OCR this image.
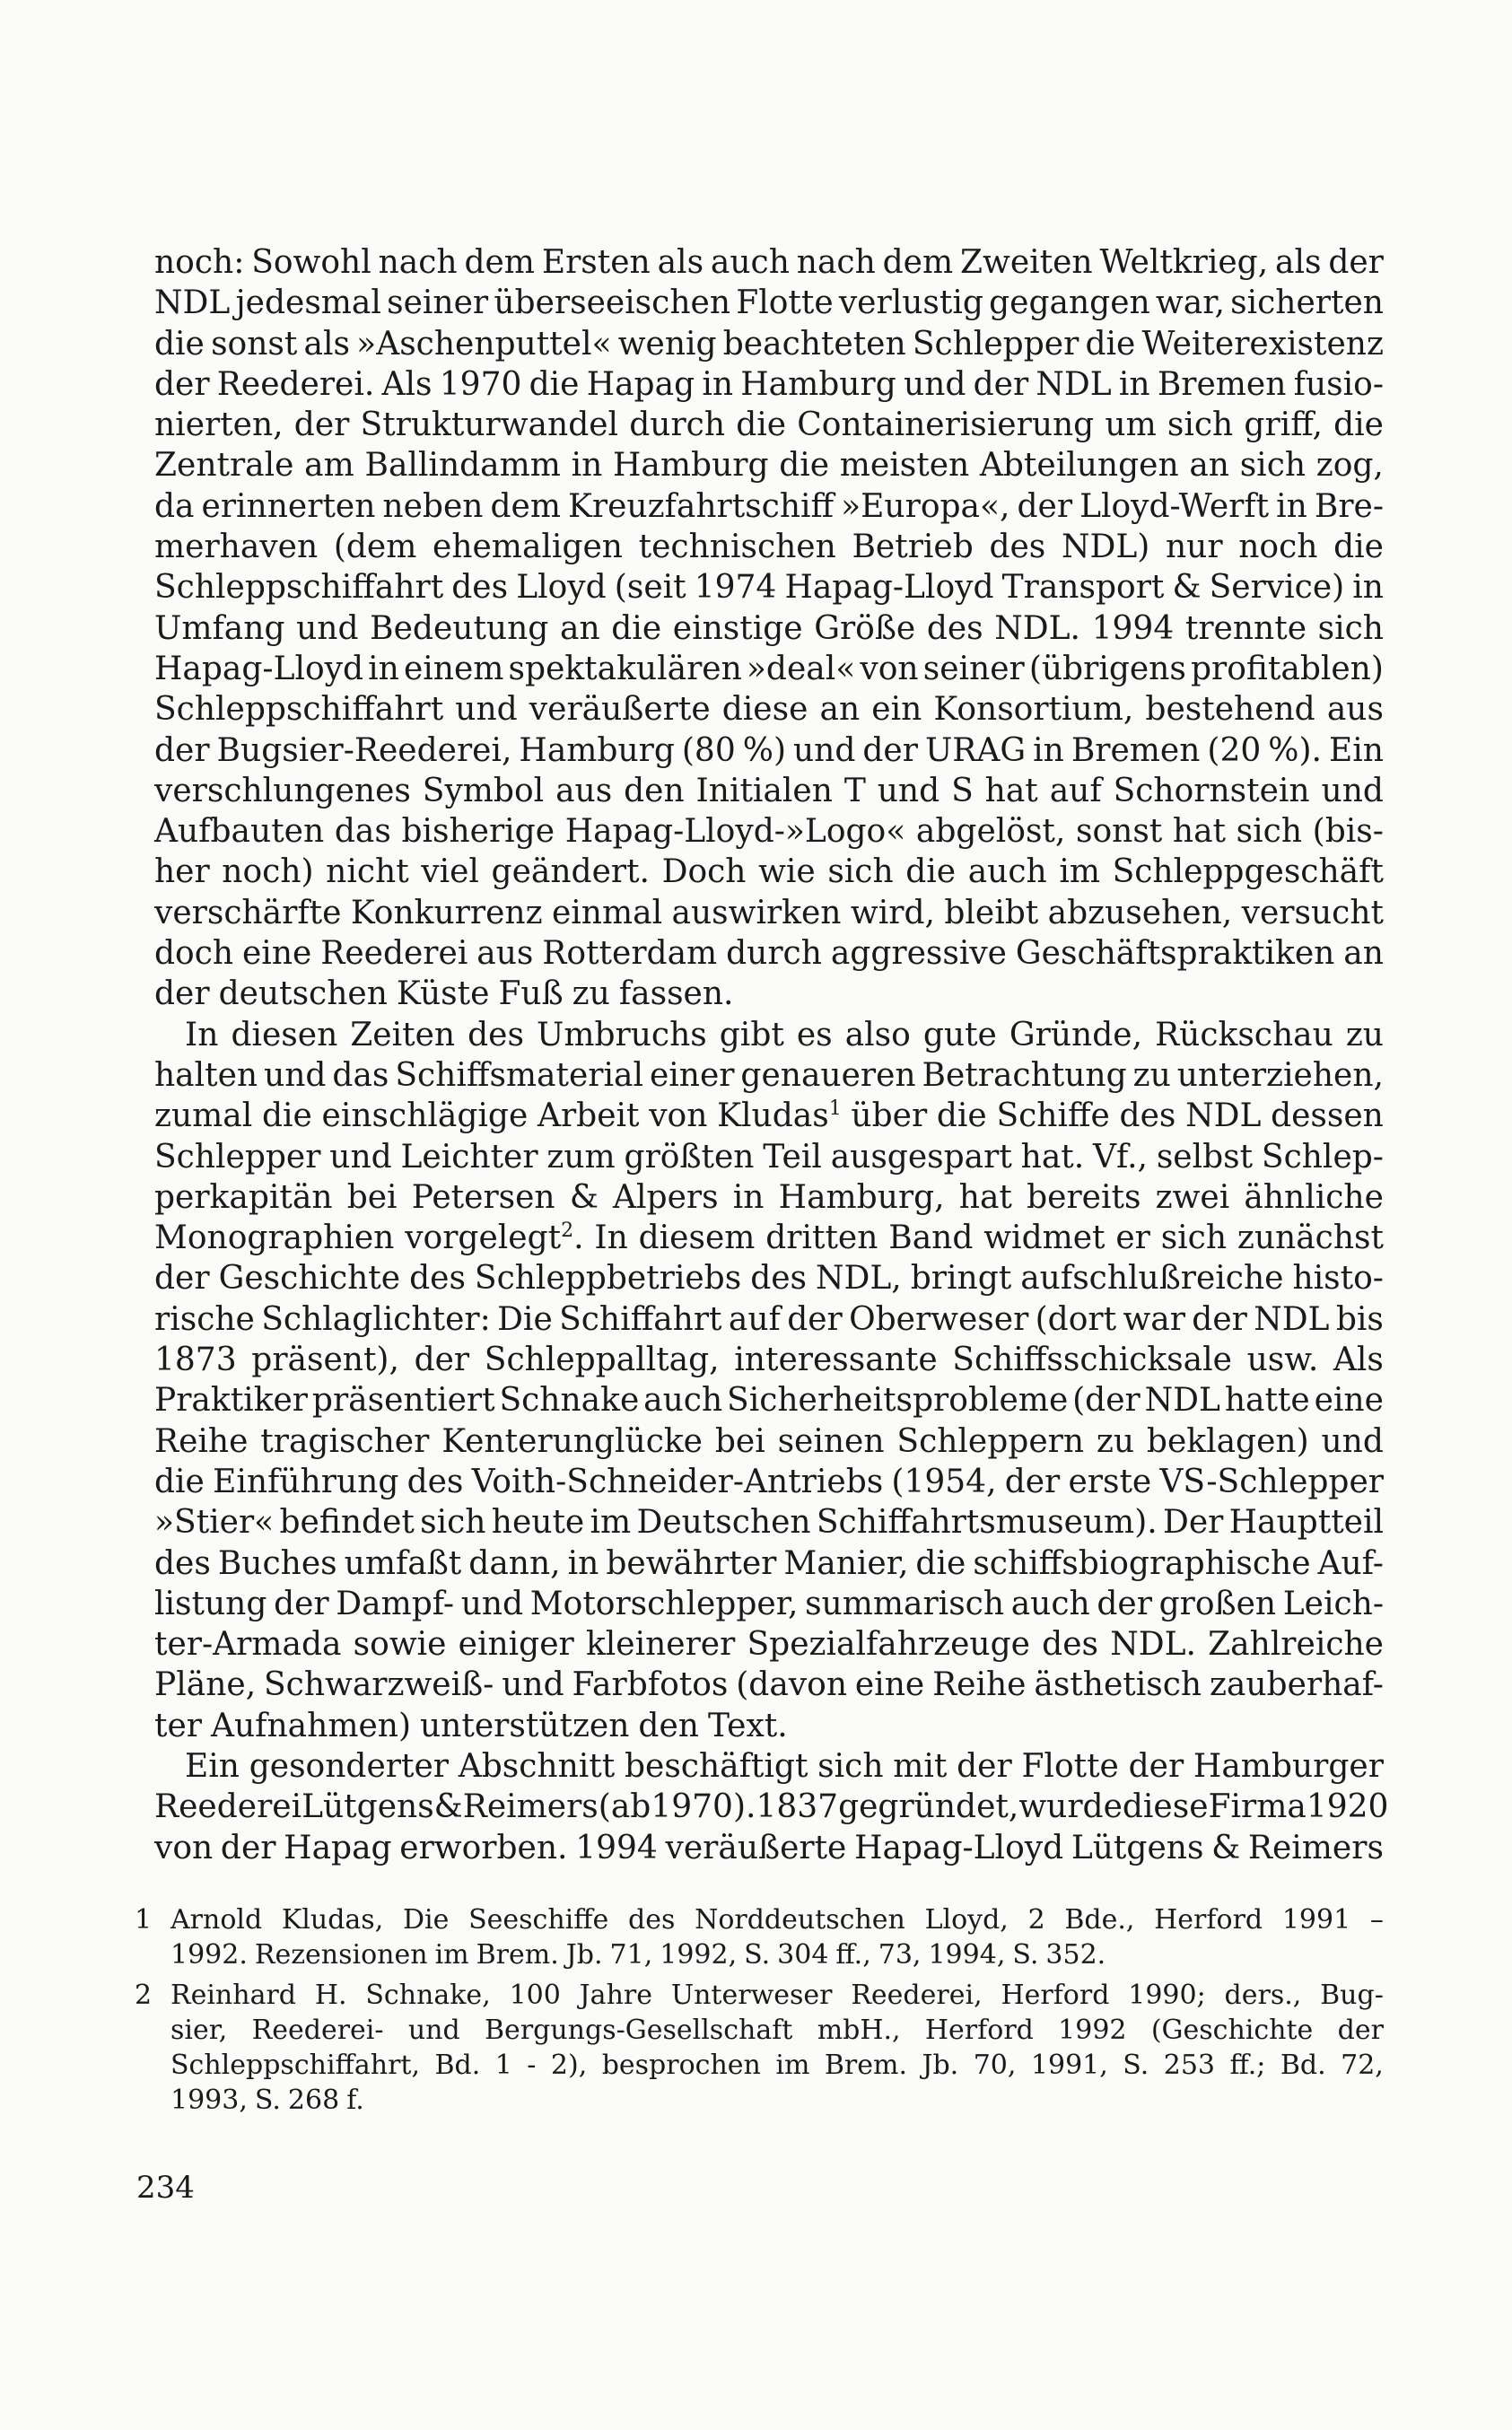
noch: Sowohl nach dem Ersten als auch nach dem Zweiten Weltkrieg, als der
NDL jedesmal seiner überseeischen Flotte verlustig gegangen war, sicherten
die sonst als »Aschenputtel« wenig beachteten Schlepper die Weiterexistenz
der Reederei. Als 1970 die Hapag in Hamburg und der NDL in Bremen fusio-
nierten, der Strukturwandel durch die Containerisierung um sich griff, die
Zentrale am Ballindamm in Hamburg die meisten Abteilungen an sich zog,
da erinnerten neben dem Kreuzfahrtschiff »Europa«, der Lloyd-Werft in Bre-
merhaven (dem ehemaligen technischen Betrieb des NDL) nur noch die
Schleppschiffahrt des Lloyd (seit 1974 Hapag-Lloyd Transport & Service) in
Umfang und Bedeutung an die einstige Größe des NDL. 1994 trennte sich
Hapag-Lloyd in einem spektakulären »deal« von seiner (übrigens profitablen)
Schleppschiffahrt und veräußerte diese an ein Konsortium, bestehend aus
der Bugsier-Reederei, Hamburg (80 %) und der URAG in Bremen (20 %). Ein
verschlungenes Symbol aus den Initialen T und S hat auf Schornstein und
Aufbauten das bisherige Hapag-Lloyd-»Logo« abgelöst, sonst hat sich (bis-
her noch) nicht viel geändert. Doch wie sich die auch im Schleppgeschäft
verschärfte Konkurrenz einmal auswirken wird, bleibt abzusehen, versucht
doch eine Reederei aus Rotterdam durch aggressive Geschäftspraktiken an
der deutschen Küste Fuß zu fassen.
In diesen Zeiten des Umbruchs gibt es also gute Gründe, Rückschau zu
halten und das Schiffsmaterial einer genaueren Betrachtung zu unterziehen,
zumal die einschlägige Arbeit von Kludas$^1$ über die Schiffe des NDL dessen
Schlepper und Leichter zum größten Teil ausgespart hat. Vf., selbst Schlep-
perkapitän bei Petersen & Alpers in Hamburg, hat bereits zwei ähnliche
Monographien vorgelegt$^2$. In diesem dritten Band widmet er sich zunächst
der Geschichte des Schleppbetriebs des NDL, bringt aufschlußreiche histo-
rische Schlaglichter: Die Schiffahrt auf der Oberweser (dort war der NDL bis
1873 präsent), der Schleppalltag, interessante Schiffsschicksale usw. Als
Praktiker präsentiert Schnake auch Sicherheitsprobleme (der NDL hatte eine
Reihe tragischer Kenterunglücke bei seinen Schleppern zu beklagen) und
die Einführung des Voith-Schneider-Antriebs (1954, der erste VS-Schlepper
»Stier« befindet sich heute im Deutschen Schiffahrtsmuseum). Der Hauptteil
des Buches umfaßt dann, in bewährter Manier, die schiffsbiographische Auf-
listung der Dampf- und Motorschlepper, summarisch auch der großen Leich-
ter-Armada sowie einiger kleinerer Spezialfahrzeuge des NDL. Zahlreiche
Pläne, Schwarzweiß- und Farbfotos (davon eine Reihe ästhetisch zauberhaf-
ter Aufnahmen) unterstützen den Text.
Ein gesonderter Abschnitt beschäftigt sich mit der Flotte der Hamburger
Reederei Lütgens & Reimers (ab 1970). 1837 gegründet, wurde diese Firma 1920
von der Hapag erworben. 1994 veräußerte Hapag-Lloyd Lütgens & Reimers
1 Arnold Kludas, Die Seeschiffe des Norddeutschen Lloyd, 2 Bde., Herford 1991 –
1992. Rezensionen im Brem. Jb. 71, 1992, S. 304 ff., 73, 1994, S. 352.
2 Reinhard H. Schnake, 100 Jahre Unterweser Reederei, Herford 1990; ders., Bug-
sier, Reederei- und Bergungs-Gesellschaft mbH., Herford 1992 (Geschichte der
Schleppschiffahrt, Bd. 1 - 2), besprochen im Brem. Jb. 70, 1991, S. 253 ff.; Bd. 72,
1993, S. 268 f.
234
